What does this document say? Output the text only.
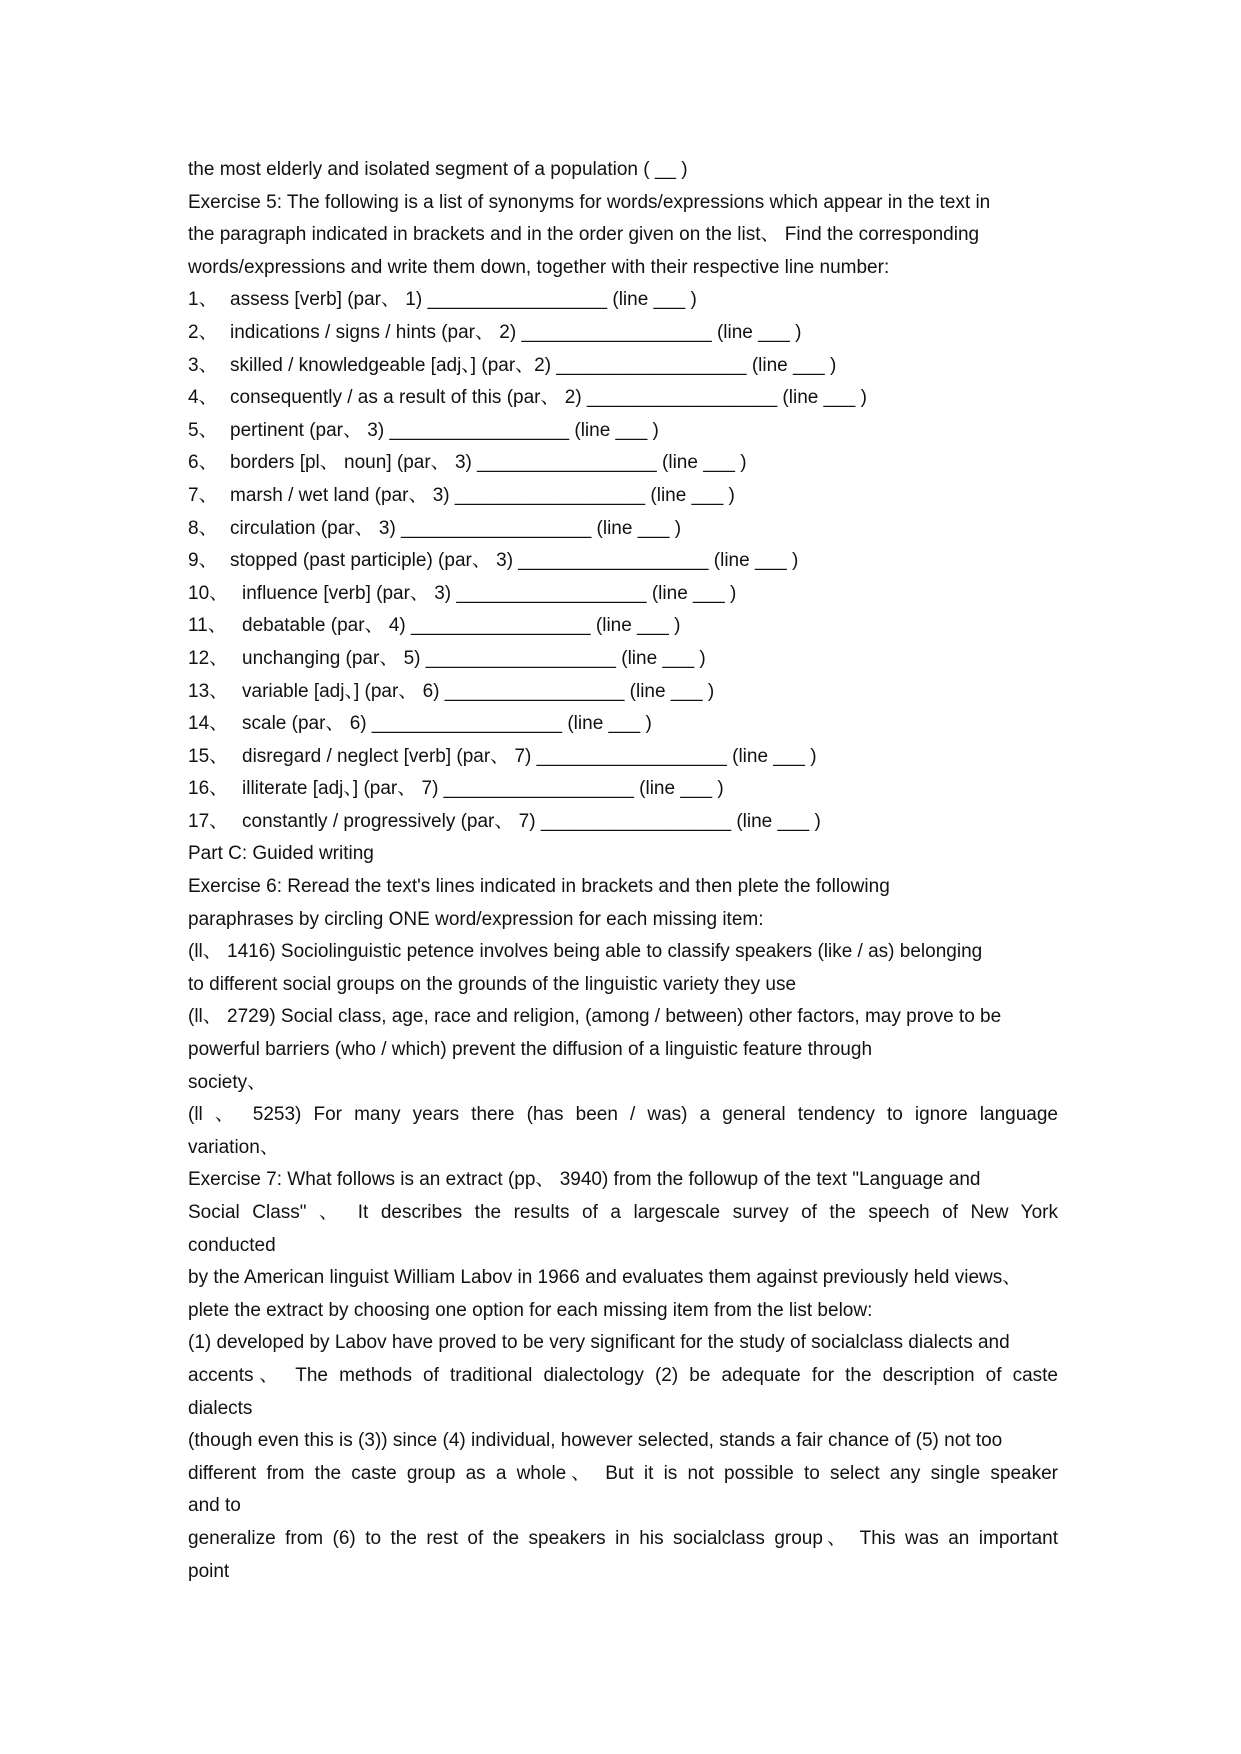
the most elderly and isolated segment of a population ( __ )
Exercise 5: The following is a list of synonyms for words/expressions which appear in the text in
the paragraph indicated in brackets and in the order given on the list、 Find the corresponding
words/expressions and write them down, together with their respective line number:
1、 assess [verb] (par、 1) _________________ (line ___ )
2、 indications / signs / hints (par、 2) __________________ (line ___ )
3、 skilled / knowledgeable [adj、] (par、2) __________________ (line ___ )
4、 consequently / as a result of this (par、 2) __________________ (line ___ )
5、 pertinent (par、 3) _________________ (line ___ )
6、 borders [pl、 noun] (par、 3) _________________ (line ___ )
7、 marsh / wet land (par、 3) __________________ (line ___ )
8、 circulation (par、 3) __________________ (line ___ )
9、 stopped (past participle) (par、 3) __________________ (line ___ )
10、 influence [verb] (par、 3) __________________ (line ___ )
11、 debatable (par、 4) _________________ (line ___ )
12、 unchanging (par、 5) __________________ (line ___ )
13、 variable [adj、] (par、 6) _________________ (line ___ )
14、 scale (par、 6) __________________ (line ___ )
15、 disregard / neglect [verb] (par、 7) __________________ (line ___ )
16、 illiterate [adj、] (par、 7) __________________ (line ___ )
17、 constantly / progressively (par、 7) __________________ (line ___ )
Part C: Guided writing
Exercise 6: Reread the text's lines indicated in brackets and then plete the following
paraphrases by circling ONE word/expression for each missing item:
(ll、 1416) Sociolinguistic petence involves being able to classify speakers (like / as) belonging
to different social groups on the grounds of the linguistic variety they use
(ll、 2729) Social class, age, race and religion, (among / between) other factors, may prove to be
powerful barriers (who / which) prevent the diffusion of a linguistic feature through
society、
(ll 、 5253) For many years there (has been / was) a general tendency to ignore language
variation、
Exercise 7: What follows is an extract (pp、 3940) from the followup of the text "Language and
Social Class" 、 It describes the results of a largescale survey of the speech of New York
conducted
by the American linguist William Labov in 1966 and evaluates them against previously held views、
plete the extract by choosing one option for each missing item from the list below:
(1) developed by Labov have proved to be very significant for the study of socialclass dialects and
accents、 The methods of traditional dialectology (2) be adequate for the description of caste
dialects
(though even this is (3)) since (4) individual, however selected, stands a fair chance of (5) not too
different from the caste group as a whole、 But it is not possible to select any single speaker
and to
generalize from (6) to the rest of the speakers in his socialclass group、 This was an important
point
